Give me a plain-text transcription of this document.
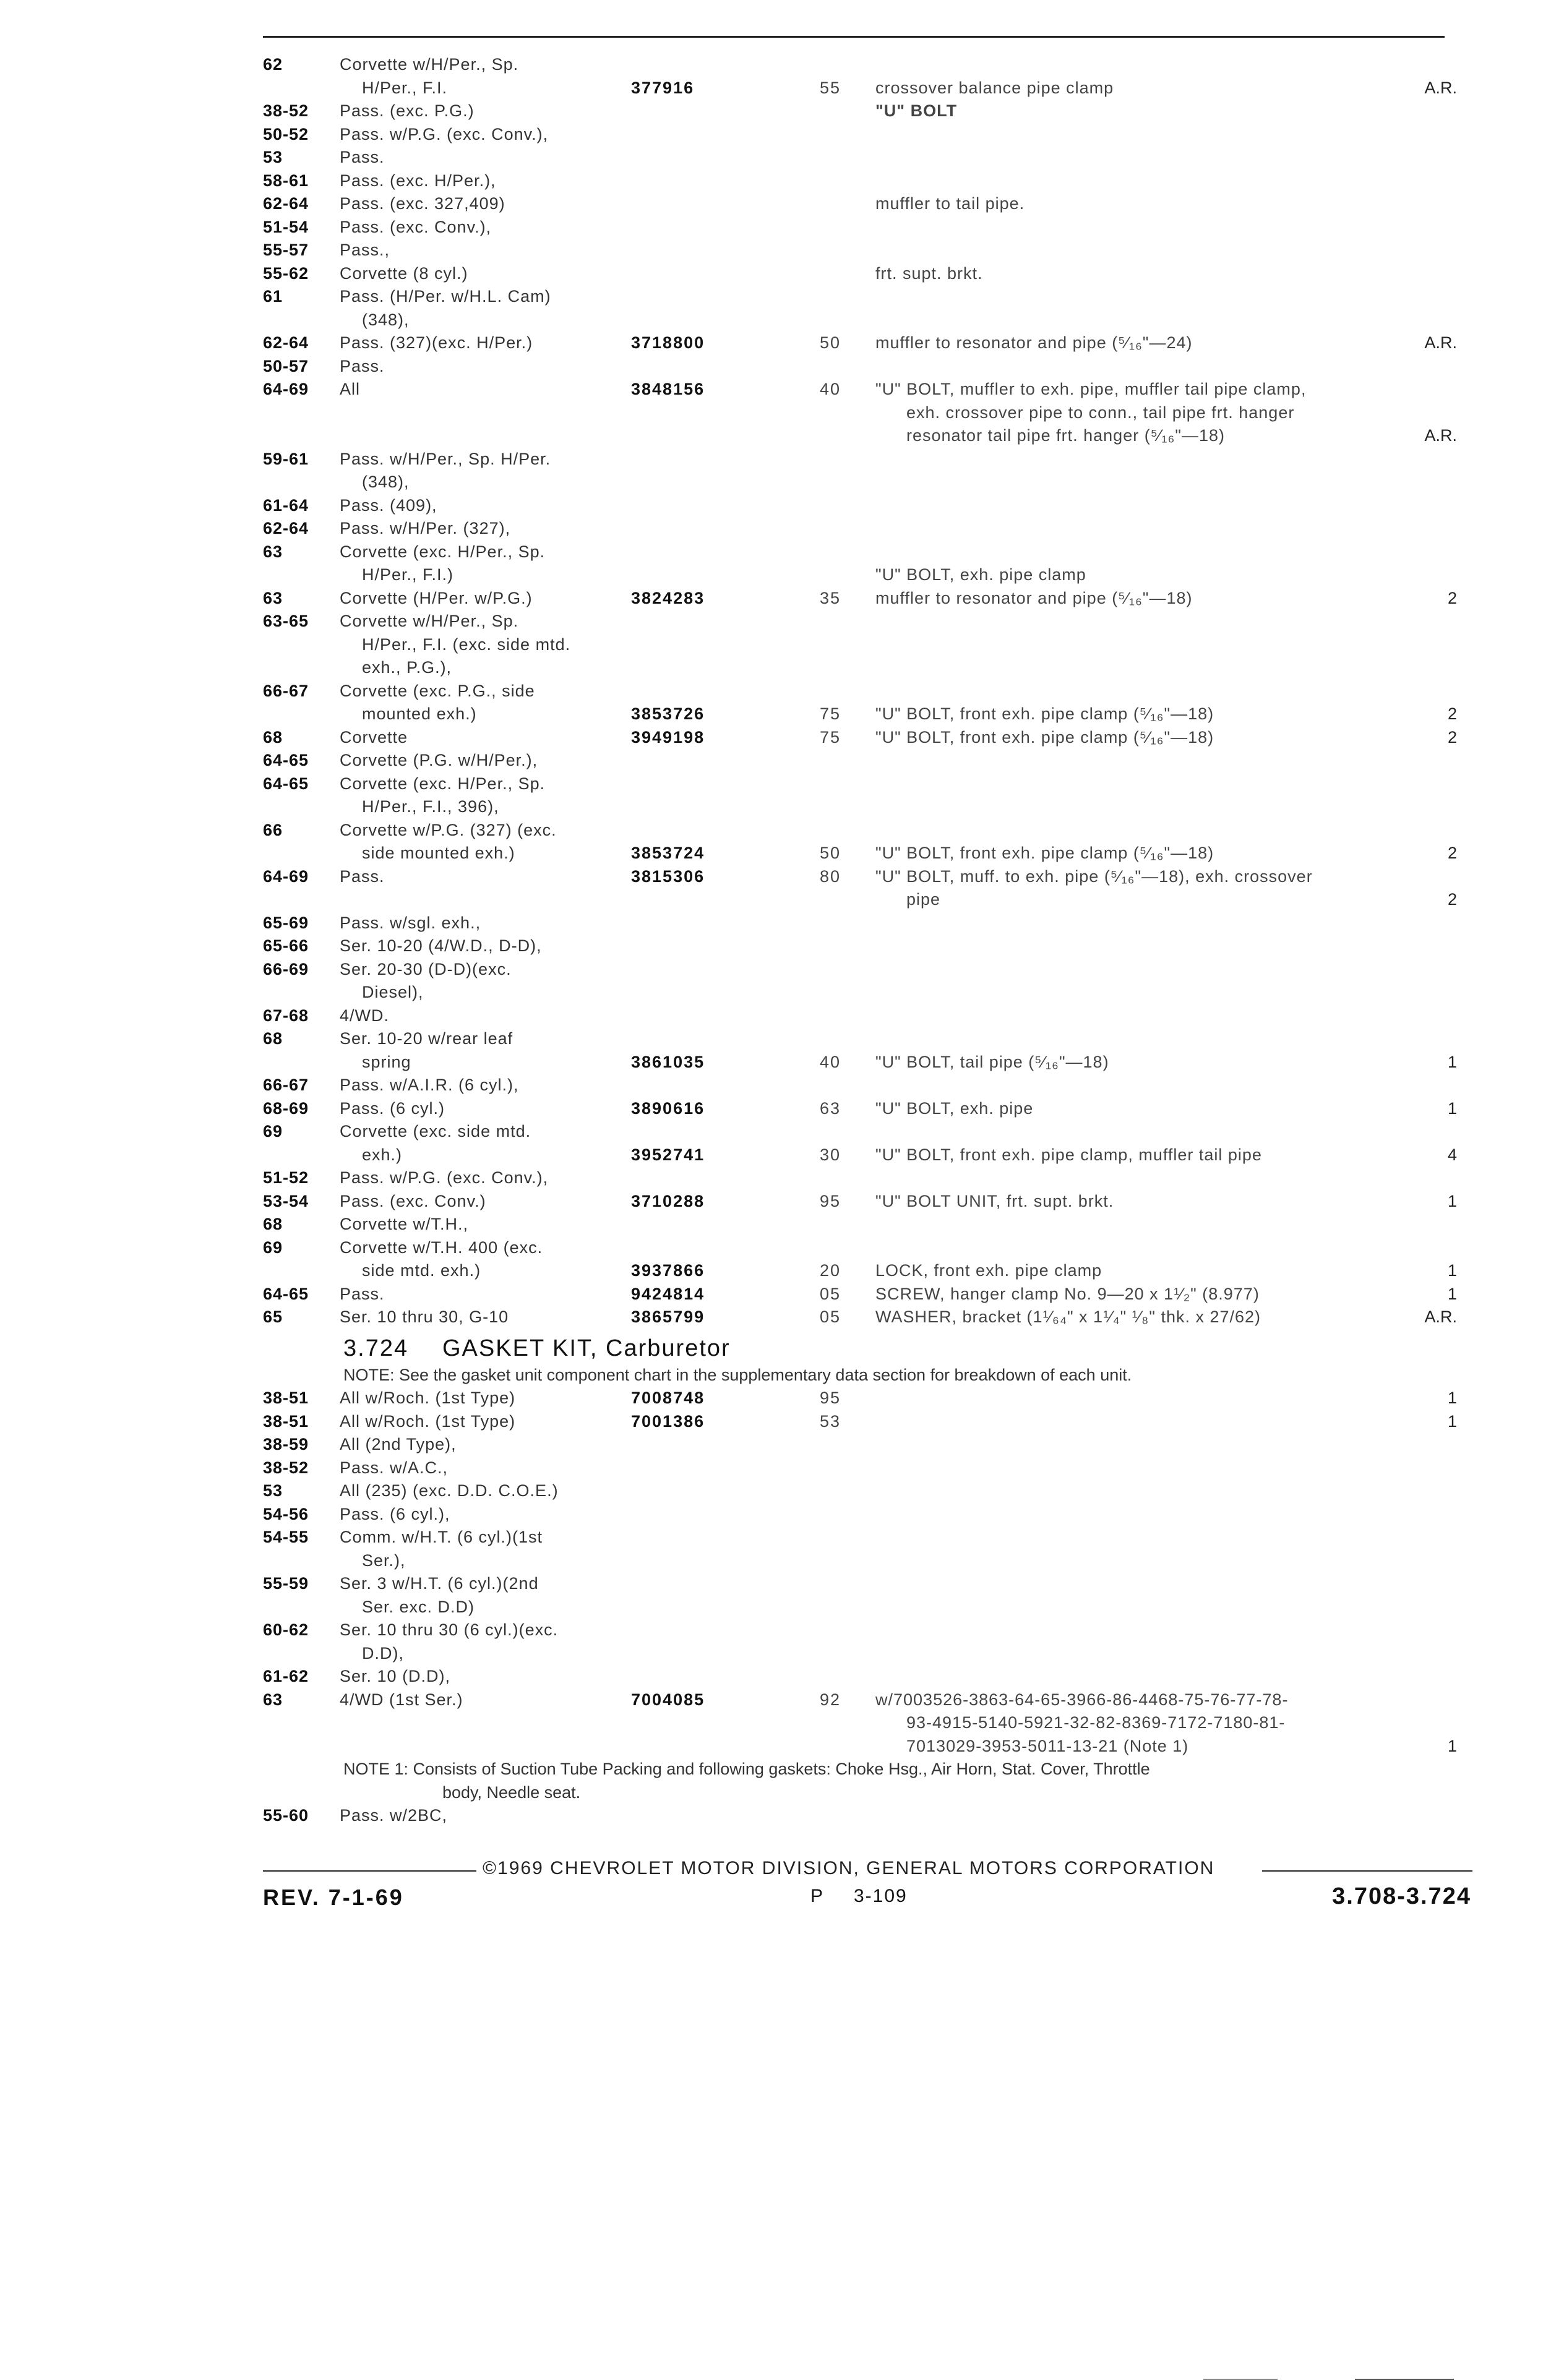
62	Corvette w/H/Per., Sp.
H/Per., F.I.	377916	55 crossover balance pipe clamp	A.R.
38-52 Pass. (exc. P.G.)	"U" BOLT
50-52 Pass. w/P.G. (exc. Conv.),
53	Pass.
58-61 Pass. (exc. H/Per.),
62-64 Pass. (exc. 327,409)	muffler to tail pipe.
51-54 Pass. (exc. Conv.),
55-57 Pass.,
55-62 Corvette (8 cyl.)	frt. supt. brkt.
61	Pass. (H/Per. w/H.L. Cam)
(348),
62-64 Pass. (327)(exc. H/Per.)	3718800	50 muffler to resonator and pipe (⁵⁄₁₆"—24)	A.R.
50-57 Pass.
64-69 All	3848156	40 "U" BOLT, muffler to exh. pipe, muffler tail pipe clamp,
exh. crossover pipe to conn., tail pipe frt. hanger
resonator tail pipe frt. hanger (⁵⁄₁₆"—18)	A.R.
59-61 Pass. w/H/Per., Sp. H/Per.
(348),
61-64 Pass. (409),
62-64 Pass. w/H/Per. (327),
63	Corvette (exc. H/Per., Sp.
H/Per., F.I.)	"U" BOLT, exh. pipe clamp
63	Corvette (H/Per. w/P.G.)	3824283	35 muffler to resonator and pipe (⁵⁄₁₆"—18)	2
63-65 Corvette w/H/Per., Sp.
H/Per., F.I. (exc. side mtd.
exh., P.G.),
66-67 Corvette (exc. P.G., side
mounted exh.)	3853726	75 "U" BOLT, front exh. pipe clamp (⁵⁄₁₆"—18)	2
68	Corvette	3949198	75 "U" BOLT, front exh. pipe clamp (⁵⁄₁₆"—18)	2
64-65 Corvette (P.G. w/H/Per.),
64-65 Corvette (exc. H/Per., Sp.
H/Per., F.I., 396),
66	Corvette w/P.G. (327) (exc.
side mounted exh.)	3853724	50 "U" BOLT, front exh. pipe clamp (⁵⁄₁₆"—18)	2
64-69 Pass.	3815306	80 "U" BOLT, muff. to exh. pipe (⁵⁄₁₆"—18), exh. crossover
pipe	2
65-69 Pass. w/sgl. exh.,
65-66 Ser. 10-20 (4/W.D., D-D),
66-69 Ser. 20-30 (D-D)(exc.
Diesel),
67-68 4/WD.
68	Ser. 10-20 w/rear leaf
spring	3861035	40 "U" BOLT, tail pipe (⁵⁄₁₆"—18)	1
66-67 Pass. w/A.I.R. (6 cyl.),
68-69 Pass. (6 cyl.)	3890616	63 "U" BOLT, exh. pipe	1
69	Corvette (exc. side mtd.
exh.)	3952741	30 "U" BOLT, front exh. pipe clamp, muffler tail pipe	4
51-52 Pass. w/P.G. (exc. Conv.),
53-54 Pass. (exc. Conv.)	3710288	95 "U" BOLT UNIT, frt. supt. brkt.	1
68	Corvette w/T.H.,
69	Corvette w/T.H. 400 (exc.
side mtd. exh.)	3937866	20 LOCK, front exh. pipe clamp	1
64-65 Pass.	9424814	05 SCREW, hanger clamp No. 9—20 x 1¹⁄₂" (8.977)	1
65	Ser. 10 thru 30, G-10	3865799	05 WASHER, bracket (1¹⁄₆₄" x 1¹⁄₄" ¹⁄₈" thk. x 27/62)	A.R.
3.724 GASKET KIT, Carburetor
NOTE: See the gasket unit component chart in the supplementary data section for breakdown of each unit.
38-51 All w/Roch. (1st Type)	7008748	95	1
38-51 All w/Roch. (1st Type)	7001386	53	1
38-59 All (2nd Type),
38-52 Pass. w/A.C.,
53	All (235) (exc. D.D. C.O.E.)
54-56 Pass. (6 cyl.),
54-55 Comm. w/H.T. (6 cyl.)(1st
Ser.),
55-59 Ser. 3 w/H.T. (6 cyl.)(2nd
Ser. exc. D.D)
60-62 Ser. 10 thru 30 (6 cyl.)(exc.
D.D),
61-62 Ser. 10 (D.D),
63	4/WD (1st Ser.)	7004085	92 w/7003526-3863-64-65-3966-86-4468-75-76-77-78-
93-4915-5140-5921-32-82-8369-7172-7180-81-
7013029-3953-5011-13-21 (Note 1)	1
NOTE 1: Consists of Suction Tube Packing and following gaskets: Choke Hsg., Air Horn, Stat. Cover, Throttle
body, Needle seat.
55-60 Pass. w/2BC,
©1969 CHEVROLET MOTOR DIVISION, GENERAL MOTORS CORPORATION
REV. 7-1-69	P 3-109	3.708-3.724
